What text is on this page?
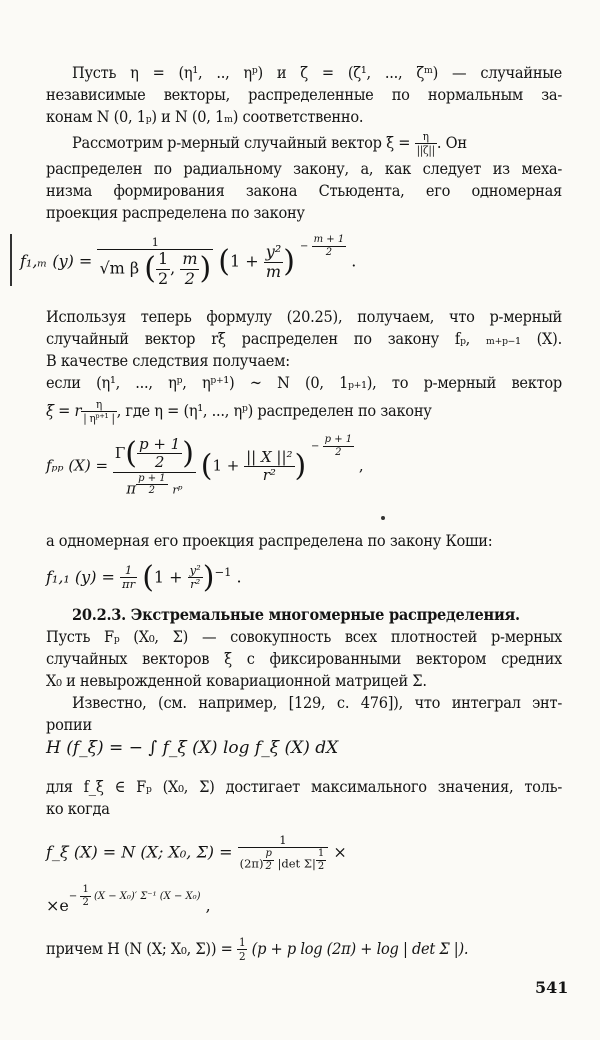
Пусть η = (η¹, .., ηᵖ) и ζ = (ζ¹, ..., ζᵐ) — случайные

независимые векторы, распределенные по нормальным за-

конам N (0, 1ₚ) и N (0, 1ₘ) соответственно.

Рассмотрим p-мерный случайный вектор $\xi = \frac{\eta}{||\zeta||}$ . Он

распределен по радиальному закону, а, как следует из меха-

низма формирования закона Стьюдента, его одномерная

проекция распределена по закону

f₁,ₘ $(y) = \frac{1}{√m \beta ( \frac{1}{2} , \frac{m}{2} )} (1 + \frac{\text{y²}}{m}$ ) $^{- \frac{m + 1}{2}}$
.

Используя теперь формулу (20.25), получаем, что p-мерный

случайный вектор rξ распределен по закону fₚ, ₘ₊ₚ₋₁ (X).

В качестве следствия получаем:

если (η¹, ..., ηᵖ, ηᵖ⁺¹) ∼ N (0, 1ₚ₊₁), то p-мерный вектор

ξ = r $\frac{\eta}{\text{| ηᵖ⁺¹ |}}$ , где η = (η¹, ..., ηᵖ) распределен по закону
fₚₚ $(X) = \Gamma( \frac{p + 1}{2}$ )
π $^{\frac{p + 1}{2}}$ rᵖ ($1 + \frac{\text{|| X ||²}}{\text{r²}}$ ) $^{- \frac{p + 1}{2}}$
,

а одномерная его проекция распределена по закону Коши:

f₁,₁ $(y) = \frac{1}{\pi r} (1 + \frac{\text{y²}}{\text{r²}} )^{-1}$ .

20.2.3. Экстремальные многомерные распределения.

Пусть Fₚ (X₀, Σ) — совокупность всех плотностей p-мерных

случайных векторов ξ с фиксированными вектором средних

X₀ и невырожденной ковариационной матрицей Σ.

Известно, (см. например, [129, с. 476]), что интеграл энт-

ропии

H (f_ξ) = − ∫ f_ξ (X) log f_ξ (X) dX

для f_ξ ∈ Fₚ (X₀, Σ) достигает максимального значения, толь-

ко когда

f_ξ (X) = N (X; X₀, Σ) = 1
(2π) $^{\frac{p}{2}}$ |det Σ| $^{\frac{1}{2}}$ ×
$\times e^{- \frac{1}{2} (X - X_0)' \Sigma^{-1} (X - X_0)}$ ,
причем H (N (X; X₀, $\Sigma)) = \frac{1}{2} (p + p$ log (2π) + log | det Σ |).
541
